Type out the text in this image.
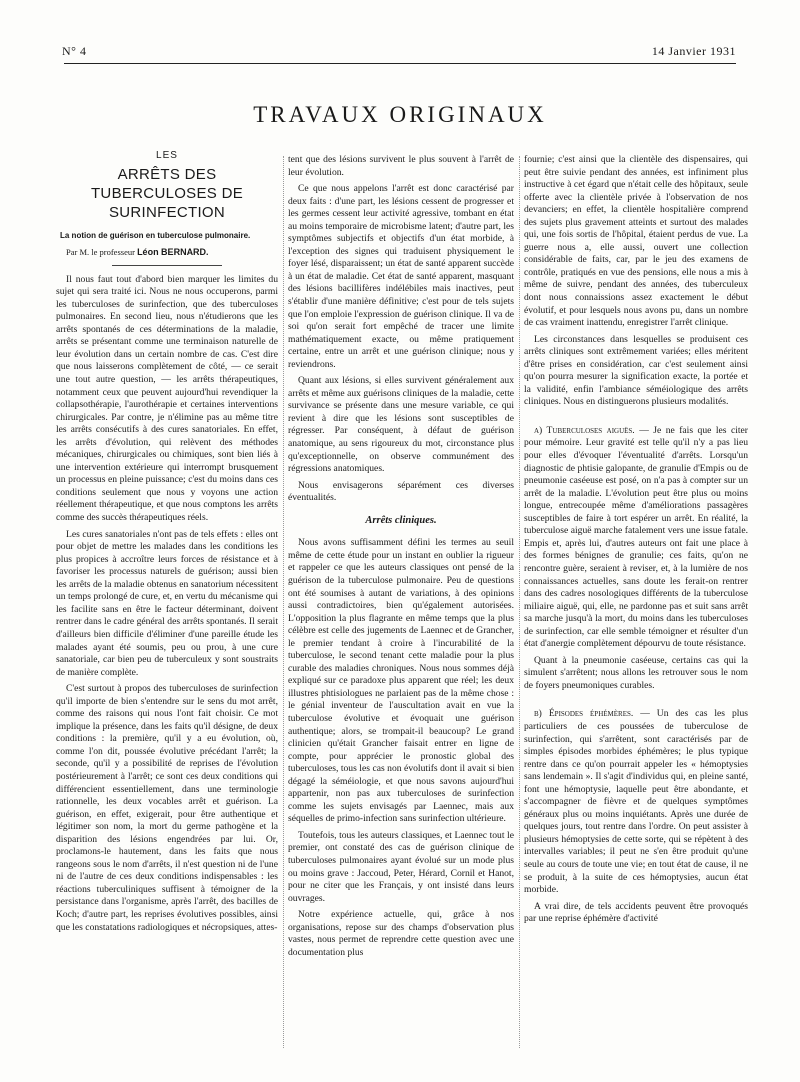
N° 4	14 Janvier 1931
TRAVAUX ORIGINAUX
LES
ARRÊTS DES TUBERCULOSES DE SURINFECTION
La notion de guérison en tuberculose pulmonaire.
Par M. le professeur Léon BERNARD.

Il nous faut tout d'abord bien marquer les limites du sujet qui sera traité ici. Nous ne nous occuperons, parmi les tuberculoses de surinfection, que des tuberculoses pulmonaires. En second lieu, nous n'étudierons que les arrêts spontanés de ces déterminations de la maladie, arrêts se présentant comme une terminaison naturelle de leur évolution dans un certain nombre de cas. C'est dire que nous laisserons complètement de côté, — ce serait une tout autre question, — les arrêts thérapeutiques, notamment ceux que peuvent aujourd'hui revendiquer la collapsothérapie, l'aurothérapie et certaines interventions chirurgicales. Par contre, je n'élimine pas au même titre les arrêts consécutifs à des cures sanatoriales. En effet, les arrêts d'évolution, qui relèvent des méthodes mécaniques, chirurgicales ou chimiques, sont bien liés à une intervention extérieure qui interrompt brusquement un processus en pleine puissance; c'est du moins dans ces conditions seulement que nous y voyons une action réellement thérapeutique, et que nous comptons les arrêts comme des succès thérapeutiques réels.

Les cures sanatoriales n'ont pas de tels effets : elles ont pour objet de mettre les malades dans les conditions les plus propices à accroître leurs forces de résistance et à favoriser les processus naturels de guérison; aussi bien les arrêts de la maladie obtenus en sanatorium nécessitent un temps prolongé de cure, et, en vertu du mécanisme qui les facilite sans en être le facteur déterminant, doivent rentrer dans le cadre général des arrêts spontanés. Il serait d'ailleurs bien difficile d'éliminer d'une pareille étude les malades ayant été soumis, peu ou prou, à une cure sanatoriale, car bien peu de tuberculeux y sont soustraits de manière complète.

C'est surtout à propos des tuberculoses de surinfection qu'il importe de bien s'entendre sur le sens du mot arrêt, comme des raisons qui nous l'ont fait choisir. Ce mot implique la présence, dans les faits qu'il désigne, de deux conditions : la première, qu'il y a eu évolution, où, comme l'on dit, poussée évolutive précédant l'arrêt; la seconde, qu'il y a possibilité de reprises de l'évolution postérieurement à l'arrêt; ce sont ces deux conditions qui différencient essentiellement, dans une terminologie rationnelle, les deux vocables arrêt et guérison. La guérison, en effet, exigerait, pour être authentique et légitimer son nom, la mort du germe pathogène et la disparition des lésions engendrées par lui. Or, proclamons-le hautement, dans les faits que nous rangeons sous le nom d'arrêts, il n'est question ni de l'une ni de l'autre de ces deux conditions indispensables : les réactions tuberculiniques suffisent à témoigner de la persistance dans l'organisme, après l'arrêt, des bacilles de Koch; d'autre part, les reprises évolutives possibles, ainsi que les constatations radiologiques et nécropsiques, attes-

tent que des lésions survivent le plus souvent à l'arrêt de leur évolution.

Ce que nous appelons l'arrêt est donc caractérisé par deux faits : d'une part, les lésions cessent de progresser et les germes cessent leur activité agressive, tombant en état au moins temporaire de microbisme latent; d'autre part, les symptômes subjectifs et objectifs d'un état morbide, à l'exception des signes qui traduisent physiquement le foyer lésé, disparaissent; un état de santé apparent succède à un état de maladie. Cet état de santé apparent, masquant des lésions bacillifères indélébiles mais inactives, peut s'établir d'une manière définitive; c'est pour de tels sujets que l'on emploie l'expression de guérison clinique. Il va de soi qu'on serait fort empêché de tracer une limite mathématiquement exacte, ou même pratiquement certaine, entre un arrêt et une guérison clinique; nous y reviendrons.

Quant aux lésions, si elles survivent généralement aux arrêts et même aux guérisons cliniques de la maladie, cette survivance se présente dans une mesure variable, ce qui revient à dire que les lésions sont susceptibles de régresser. Par conséquent, à défaut de guérison anatomique, au sens rigoureux du mot, circonstance plus qu'exceptionnelle, on observe communément des régressions anatomiques.

Nous envisagerons séparément ces diverses éventualités.

Arrêts cliniques.

Nous avons suffisamment défini les termes au seuil même de cette étude pour un instant en oublier la rigueur et rappeler ce que les auteurs classiques ont pensé de la guérison de la tuberculose pulmonaire. Peu de questions ont été soumises à autant de variations, à des opinions aussi contradictoires, bien qu'également autorisées. L'opposition la plus flagrante en même temps que la plus célèbre est celle des jugements de Laennec et de Grancher, le premier tendant à croire à l'incurabilité de la tuberculose, le second tenant cette maladie pour la plus curable des maladies chroniques. Nous nous sommes déjà expliqué sur ce paradoxe plus apparent que réel; les deux illustres phtisiologues ne parlaient pas de la même chose : le génial inventeur de l'auscultation avait en vue la tuberculose évolutive et évoquait une guérison authentique; alors, se trompait-il beaucoup? Le grand clinicien qu'était Grancher faisait entrer en ligne de compte, pour apprécier le pronostic global des tuberculoses, tous les cas non évolutifs dont il avait si bien dégagé la séméiologie, et que nous savons aujourd'hui appartenir, non pas aux tuberculoses de surinfection comme les sujets envisagés par Laennec, mais aux séquelles de primo-infection sans surinfection ultérieure.

Toutefois, tous les auteurs classiques, et Laennec tout le premier, ont constaté des cas de guérison clinique de tuberculoses pulmonaires ayant évolué sur un mode plus ou moins grave : Jaccoud, Peter, Hérard, Cornil et Hanot, pour ne citer que les Français, y ont insisté dans leurs ouvrages.

Notre expérience actuelle, qui, grâce à nos organisations, repose sur des champs d'observation plus vastes, nous permet de reprendre cette question avec une documentation plus

fournie; c'est ainsi que la clientèle des dispensaires, qui peut être suivie pendant des années, est infiniment plus instructive à cet égard que n'était celle des hôpitaux, seule offerte avec la clientèle privée à l'observation de nos devanciers; en effet, la clientèle hospitalière comprend des sujets plus gravement atteints et surtout des malades qui, une fois sortis de l'hôpital, étaient perdus de vue. La guerre nous a, elle aussi, ouvert une collection considérable de faits, car, par le jeu des examens de contrôle, pratiqués en vue des pensions, elle nous a mis à même de suivre, pendant des années, des tuberculeux dont nous connaissions assez exactement le début évolutif, et pour lesquels nous avons pu, dans un nombre de cas vraiment inattendu, enregistrer l'arrêt clinique.

Les circonstances dans lesquelles se produisent ces arrêts cliniques sont extrêmement variées; elles méritent d'être prises en considération, car c'est seulement ainsi qu'on pourra mesurer la signification exacte, la portée et la validité, enfin l'ambiance séméiologique des arrêts cliniques. Nous en distinguerons plusieurs modalités.

a) Tuberculoses aiguës. — Je ne fais que les citer pour mémoire. Leur gravité est telle qu'il n'y a pas lieu pour elles d'évoquer l'éventualité d'arrêts. Lorsqu'un diagnostic de phtisie galopante, de granulie d'Empis ou de pneumonie caséeuse est posé, on n'a pas à compter sur un arrêt de la maladie. L'évolution peut être plus ou moins longue, entrecoupée même d'améliorations passagères susceptibles de faire à tort espérer un arrêt. En réalité, la tuberculose aiguë marche fatalement vers une issue fatale. Empis et, après lui, d'autres auteurs ont fait une place à des formes bénignes de granulie; ces faits, qu'on ne rencontre guère, seraient à reviser, et, à la lumière de nos connaissances actuelles, sans doute les ferait-on rentrer dans des cadres nosologiques différents de la tuberculose miliaire aiguë, qui, elle, ne pardonne pas et suit sans arrêt sa marche jusqu'à la mort, du moins dans les tuberculoses de surinfection, car elle semble témoigner et résulter d'un état d'anergie complètement dépourvu de toute résistance.

Quant à la pneumonie caséeuse, certains cas qui la simulent s'arrêtent; nous allons les retrouver sous le nom de foyers pneumoniques curables.

b) Épisodes éphémères. — Un des cas les plus particuliers de ces poussées de tuberculose de surinfection, qui s'arrêtent, sont caractérisés par de simples épisodes morbides éphémères; le plus typique rentre dans ce qu'on pourrait appeler les « hémoptysies sans lendemain ». Il s'agit d'individus qui, en pleine santé, font une hémoptysie, laquelle peut être abondante, et s'accompagner de fièvre et de quelques symptômes généraux plus ou moins inquiétants. Après une durée de quelques jours, tout rentre dans l'ordre. On peut assister à plusieurs hémoptysies de cette sorte, qui se répètent à des intervalles variables; il peut ne s'en être produit qu'une seule au cours de toute une vie; en tout état de cause, il ne se produit, à la suite de ces hémoptysies, aucun état morbide.

A vrai dire, de tels accidents peuvent être provoqués par une reprise éphémère d'activité
